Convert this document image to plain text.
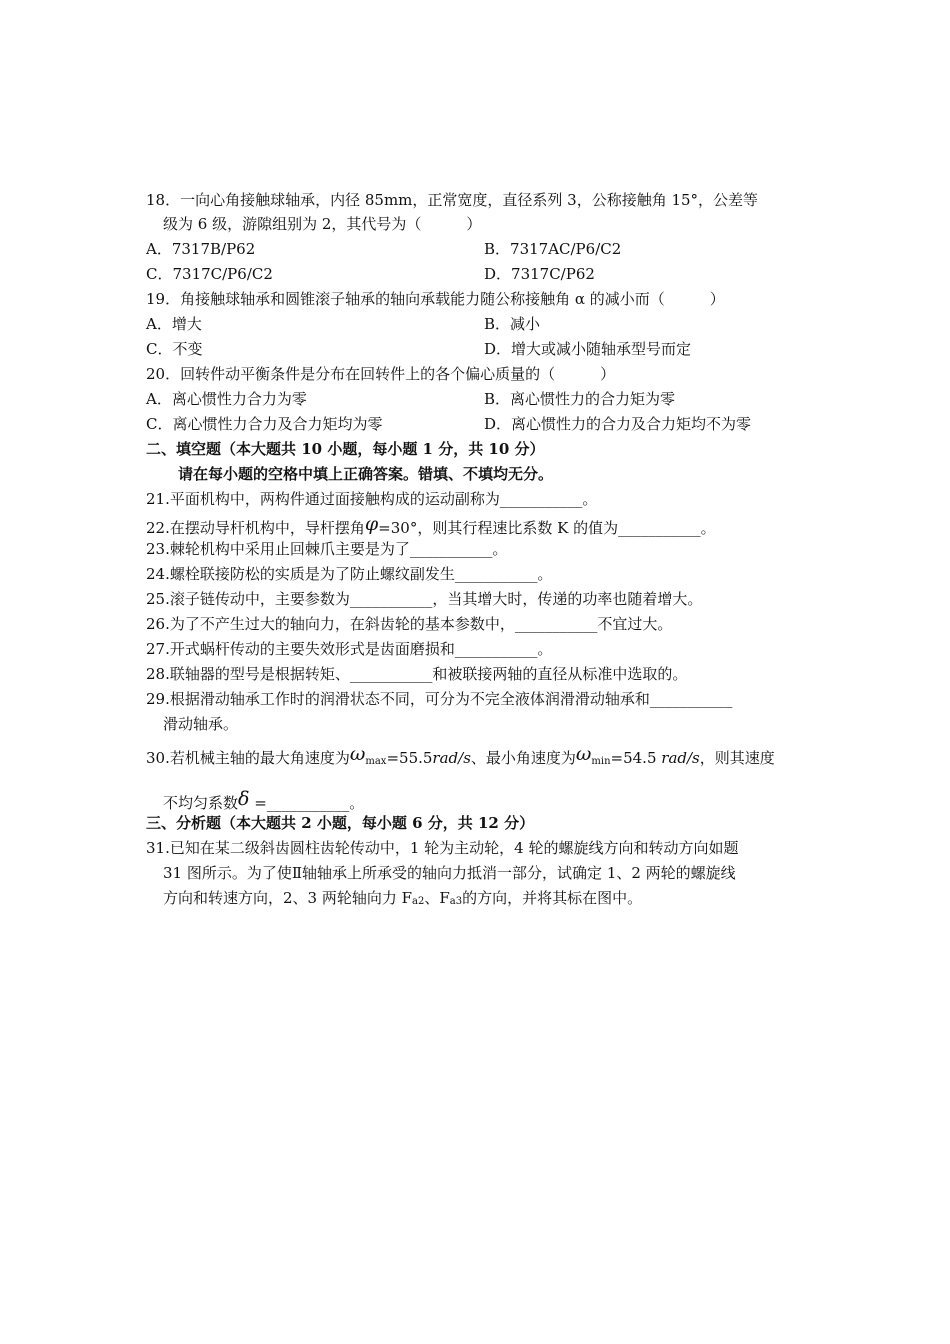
18．一向心角接触球轴承，内径 85mm，正常宽度，直径系列 3，公称接触角 15°，公差等
级为 6 级，游隙组别为 2，其代号为（　　　）
A．7317B/P62	B．7317AC/P6/C2
C．7317C/P6/C2	D．7317C/P62
19．角接触球轴承和圆锥滚子轴承的轴向承载能力随公称接触角 α 的减小而（　　　）
A．增大	B．减小
C．不变	D．增大或减小随轴承型号而定
20．回转件动平衡条件是分布在回转件上的各个偏心质量的（　　　）
A．离心惯性力合力为零	B．离心惯性力的合力矩为零
C．离心惯性力合力及合力矩均为零	D．离心惯性力的合力及合力矩均不为零
二、填空题（本大题共 10 小题，每小题 1 分，共 10 分）
请在每小题的空格中填上正确答案。错填、不填均无分。
21.平面机构中，两构件通过面接触构成的运动副称为___________。
22.在摆动导杆机构中，导杆摆角φ=30°，则其行程速比系数 K 的值为___________。
23.棘轮机构中采用止回棘爪主要是为了___________。
24.螺栓联接防松的实质是为了防止螺纹副发生___________。
25.滚子链传动中，主要参数为___________，当其增大时，传递的功率也随着增大。
26.为了不产生过大的轴向力，在斜齿轮的基本参数中，___________不宜过大。
27.开式蜗杆传动的主要失效形式是齿面磨损和___________。
28.联轴器的型号是根据转矩、___________和被联接两轴的直径从标准中选取的。
29.根据滑动轴承工作时的润滑状态不同，可分为不完全液体润滑滑动轴承和___________
滑动轴承。
30.若机械主轴的最大角速度为ωmax=55.5rad/s、最小角速度为ωmin=54.5 rad/s，则其速度
不均匀系数δ =___________。
三、分析题（本大题共 2 小题，每小题 6 分，共 12 分）
31.已知在某二级斜齿圆柱齿轮传动中，1 轮为主动轮，4 轮的螺旋线方向和转动方向如题
31 图所示。为了使Ⅱ轴轴承上所承受的轴向力抵消一部分，试确定 1、2 两轮的螺旋线
方向和转速方向，2、3 两轮轴向力 Fa2、Fa3的方向，并将其标在图中。
